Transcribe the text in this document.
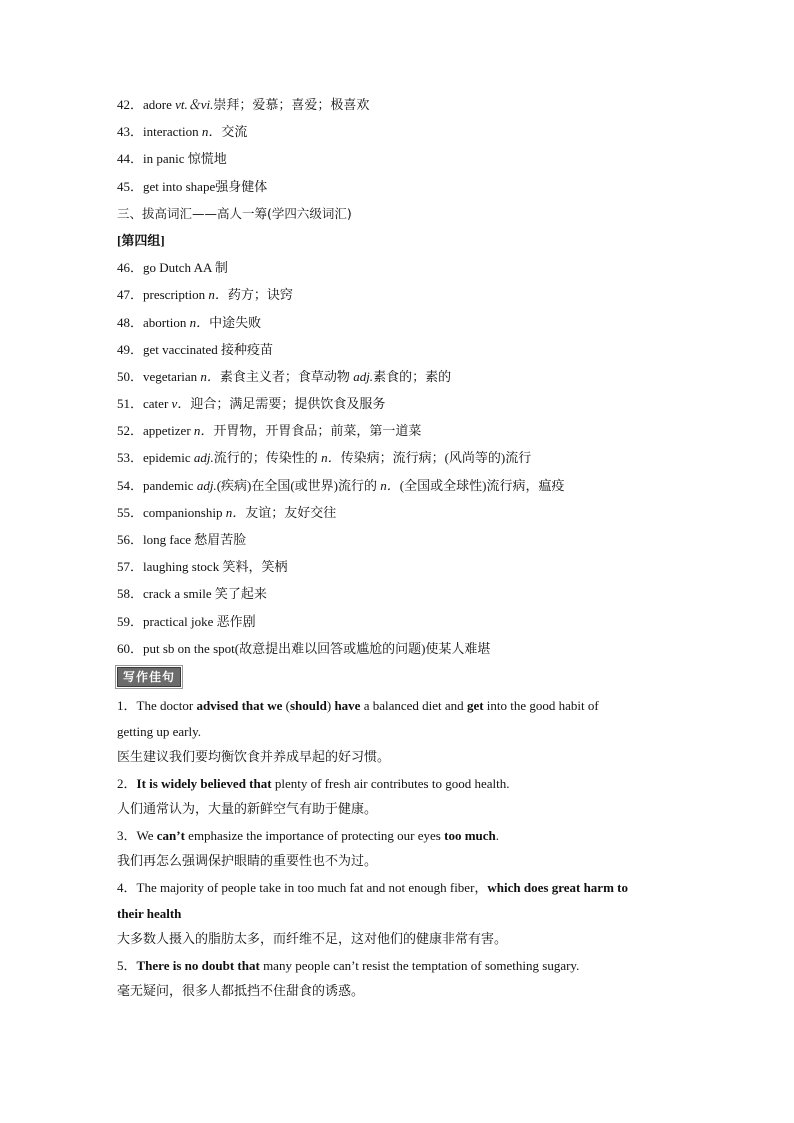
42．adore vt.＆vi.崇拜；爱慕；喜爱；极喜欢
43．interaction n．交流
44．in panic 惊慌地
45．get into shape强身健体
三、拔高词汇——高人一筹(学四六级词汇)
[第四组]
46．go Dutch AA 制
47．prescription n．药方；诀窍
48．abortion n．中途失败
49．get vaccinated 接种疫苗
50．vegetarian n．素食主义者；食草动物 adj.素食的；素的
51．cater v．迎合；满足需要；提供饮食及服务
52．appetizer n．开胃物，开胃食品；前菜，第一道菜
53．epidemic adj.流行的；传染性的 n．传染病；流行病；(风尚等的)流行
54．pandemic adj.(疾病)在全国(或世界)流行的 n．(全国或全球性)流行病，瘟疫
55．companionship n．友谊；友好交往
56．long face 愁眉苦脸
57．laughing stock 笑料，笑柄
58．crack a smile 笑了起来
59．practical joke 恶作剧
60．put sb on the spot(故意提出难以回答或尴尬的问题)使某人难堪
写作佳句
1．The doctor advised that we (should) have a balanced diet and get into the good habit of
getting up early.
医生建议我们要均衡饮食并养成早起的好习惯。
2．It is widely believed that plenty of fresh air contributes to good health.
人们通常认为，大量的新鲜空气有助于健康。
3．We can’t emphasize the importance of protecting our eyes too much.
我们再怎么强调保护眼睛的重要性也不为过。
4．The majority of people take in too much fat and not enough fiber，which does great harm to
their health
大多数人摄入的脂肪太多，而纤维不足，这对他们的健康非常有害。
5．There is no doubt that many people can’t resist the temptation of something sugary.
毫无疑问，很多人都抵挡不住甜食的诱惑。
